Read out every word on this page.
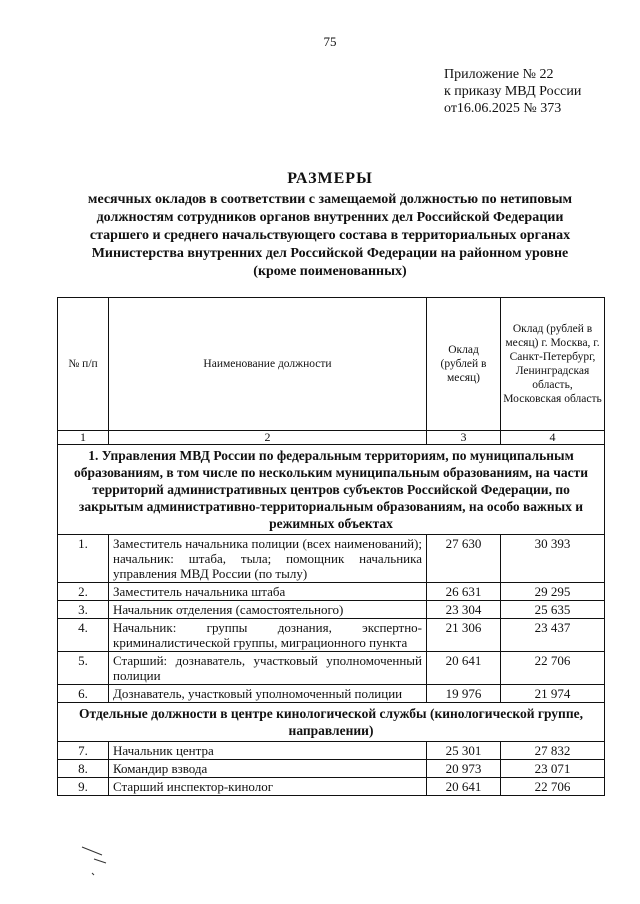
75
Приложение № 22
к приказу МВД России
от16.06.2025 № 373
РАЗМЕРЫ
месячных окладов в соответствии с замещаемой должностью по нетиповым
должностям сотрудников органов внутренних дел Российской Федерации
старшего и среднего начальствующего состава в территориальных органах
Министерства внутренних дел Российской Федерации на районном уровне
(кроме поименованных)
№ п/п	Наименование должности	Оклад (рублей в месяц)	Оклад (рублей в месяц) г. Москва, г. Санкт-Петербург, Ленинградская область, Московская область
1	2	3	4
1. Управления МВД России по федеральным территориям, по муниципальным образованиям, в том числе по нескольким муниципальным образованиям, на части территорий административных центров субъектов Российской Федерации, по закрытым административно-территориальным образованиям, на особо важных и режимных объектах			
1.	Заместитель начальника полиции (всех наименований); начальник: штаба, тыла; помощник начальника управления МВД России (по тылу)	27 630	30 393
2.	Заместитель начальника штаба	26 631	29 295
3.	Начальник отделения (самостоятельного)	23 304	25 635
4.	Начальник: группы дознания, экспертно-криминалистической группы, миграционного пункта	21 306	23 437
5.	Старший: дознаватель, участковый уполномоченный полиции	20 641	22 706
6.	Дознаватель, участковый уполномоченный полиции	19 976	21 974
Отдельные должности в центре кинологической службы (кинологической группе, направлении)			
7.	Начальник центра	25 301	27 832
8.	Командир взвода	20 973	23 071
9.	Старший инспектор-кинолог	20 641	22 706
